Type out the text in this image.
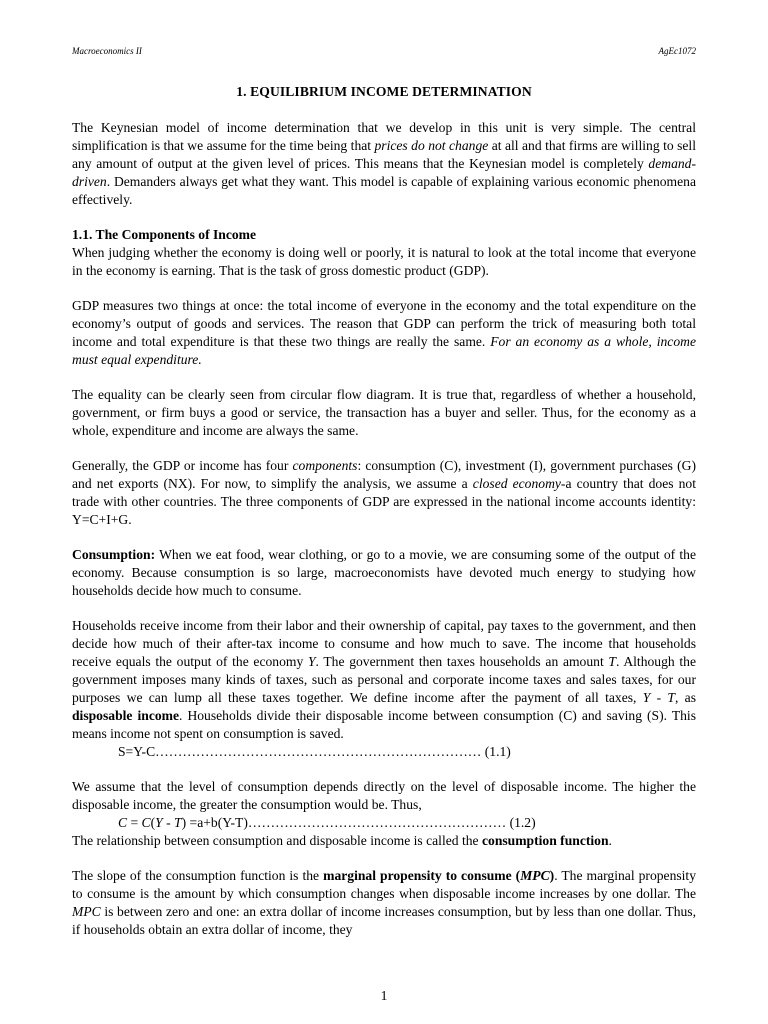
Macroeconomics II	AgEc1072
1. EQUILIBRIUM INCOME DETERMINATION

The Keynesian model of income determination that we develop in this unit is very simple. The central simplification is that we assume for the time being that prices do not change at all and that firms are willing to sell any amount of output at the given level of prices. This means that the Keynesian model is completely demand-driven. Demanders always get what they want. This model is capable of explaining various economic phenomena effectively.

1.1. The Components of Income

When judging whether the economy is doing well or poorly, it is natural to look at the total income that everyone in the economy is earning. That is the task of gross domestic product (GDP).

GDP measures two things at once: the total income of everyone in the economy and the total expenditure on the economy’s output of goods and services. The reason that GDP can perform the trick of measuring both total income and total expenditure is that these two things are really the same. For an economy as a whole, income must equal expenditure.

The equality can be clearly seen from circular flow diagram. It is true that, regardless of whether a household, government, or firm buys a good or service, the transaction has a buyer and seller. Thus, for the economy as a whole, expenditure and income are always the same.

Generally, the GDP or income has four components: consumption (C), investment (I), government purchases (G) and net exports (NX). For now, to simplify the analysis, we assume a closed economy-a country that does not trade with other countries. The three components of GDP are expressed in the national income accounts identity: Y=C+I+G.

Consumption: When we eat food, wear clothing, or go to a movie, we are consuming some of the output of the economy. Because consumption is so large, macroeconomists have devoted much energy to studying how households decide how much to consume.

Households receive income from their labor and their ownership of capital, pay taxes to the government, and then decide how much of their after-tax income to consume and how much to save. The income that households receive equals the output of the economy Y. The government then taxes households an amount T. Although the government imposes many kinds of taxes, such as personal and corporate income taxes and sales taxes, for our purposes we can lump all these taxes together. We define income after the payment of all taxes, Y - T, as disposable income. Households divide their disposable income between consumption (C) and saving (S). This means income not spent on consumption is saved.

S=Y-C……………………………………………………………… (1.1)

We assume that the level of consumption depends directly on the level of disposable income. The higher the disposable income, the greater the consumption would be. Thus,

C = C(Y - T) =a+b(Y-T)………………………………………………… (1.2)

The relationship between consumption and disposable income is called the consumption function.

The slope of the consumption function is the marginal propensity to consume (MPC). The marginal propensity to consume is the amount by which consumption changes when disposable income increases by one dollar. The MPC is between zero and one: an extra dollar of income increases consumption, but by less than one dollar. Thus, if households obtain an extra dollar of income, they

1
